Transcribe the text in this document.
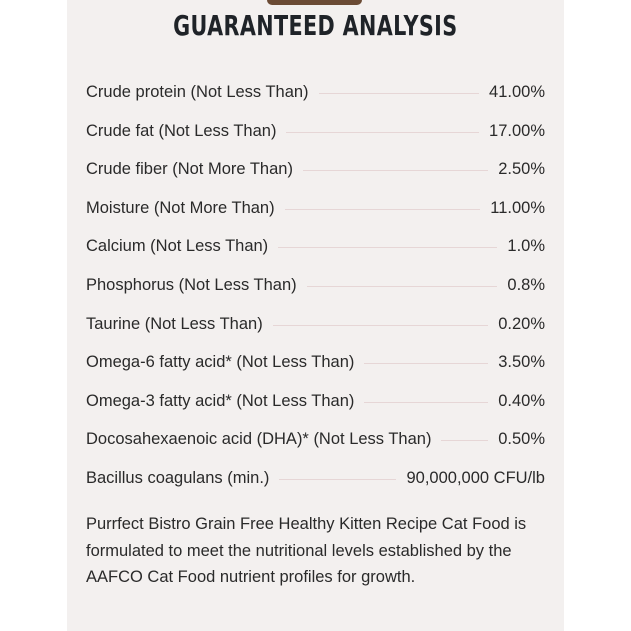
GUARANTEED ANALYSIS
Crude protein (Not Less Than)	41.00%
Crude fat (Not Less Than)	17.00%
Crude fiber (Not More Than)	2.50%
Moisture (Not More Than)	11.00%
Calcium (Not Less Than)	1.0%
Phosphorus (Not Less Than)	0.8%
Taurine (Not Less Than)	0.20%
Omega-6 fatty acid* (Not Less Than)	3.50%
Omega-3 fatty acid* (Not Less Than)	0.40%
Docosahexaenoic acid (DHA)* (Not Less Than)	0.50%
Bacillus coagulans (min.)	90,000,000 CFU/lb
Purrfect Bistro Grain Free Healthy Kitten Recipe Cat Food is formulated to meet the nutritional levels established by the AAFCO Cat Food nutrient profiles for growth.
